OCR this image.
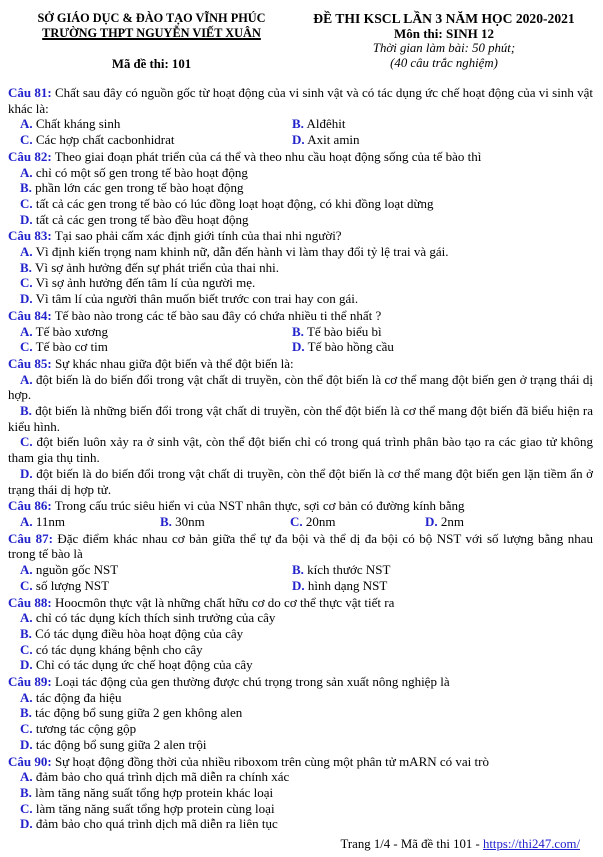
SỞ GIÁO DỤC & ĐÀO TẠO VĨNH PHÚC
TRƯỜNG THPT NGUYỄN VIẾT XUÂN
Mã đề thi: 101
ĐỀ THI KSCL LẦN 3 NĂM HỌC 2020-2021
Môn thi: SINH 12
Thời gian làm bài: 50 phút;
(40 câu trắc nghiệm)

Câu 81: Chất sau đây có nguồn gốc từ hoạt động của vi sinh vật và có tác dụng ức chế hoạt động của vi sinh vật khác là:

A. Chất kháng sinh	B. Alđêhit

C. Các hợp chất cacbonhidrat	D. Axit amin

Câu 82: Theo giai đoạn phát triển của cá thể và theo nhu cầu hoạt động sống của tế bào thì

A. chỉ có một số gen trong tế bào hoạt động

B. phần lớn các gen trong tế bào hoạt động

C. tất cả các gen trong tế bào có lúc đồng loạt hoạt động, có khi đồng loạt dừng

D. tất cả các gen trong tế bào đều hoạt động

Câu 83: Tại sao phải cấm xác định giới tính của thai nhi người?

A. Vì định kiến trọng nam khinh nữ, dẫn đến hành vi làm thay đổi tỷ lệ trai và gái.

B. Vì sợ ảnh hưởng đến sự phát triển của thai nhi.

C. Vì sợ ảnh hưởng đến tâm lí của người mẹ.

D. Vì tâm lí của người thân muốn biết trước con trai hay con gái.

Câu 84: Tế bào nào trong các tế bào sau đây có chứa nhiều ti thể nhất ?

A. Tế bào xương	B. Tế bào biểu bì

C. Tế bào cơ tim	D. Tế bào hồng cầu

Câu 85: Sự khác nhau giữa đột biến và thể đột biến là:

A. đột biến là do biến đổi trong vật chất di truyền, còn thể đột biến là cơ thể mang đột biến gen ở trạng thái dị hợp.

B. đột biến là những biến đổi trong vật chất di truyền, còn thể đột biến là cơ thể mang đột biến đã biểu hiện ra kiểu hình.

C. đột biến luôn xảy ra ở sinh vật, còn thể đột biến chỉ có trong quá trình phân bào tạo ra các giao tử không tham gia thụ tinh.

D. đột biến là do biến đổi trong vật chất di truyền, còn thể đột biến là cơ thể mang đột biến gen lặn tiềm ẩn ở trạng thái dị hợp tử.

Câu 86: Trong cấu trúc siêu hiển vi của NST nhân thực, sợi cơ bản có đường kính bằng

A. 11nm	B. 30nm	C. 20nm	D. 2nm

Câu 87: Đặc điểm khác nhau cơ bản giữa thể tự đa bội và thể dị đa bội có bộ NST với số lượng bằng nhau trong tế bào là

A. nguồn gốc NST	B. kích thước NST

C. số lượng NST	D. hình dạng NST

Câu 88: Hoocmôn thực vật là những chất hữu cơ do cơ thể thực vật tiết ra

A. chỉ có tác dụng kích thích sinh trưởng của cây

B. Có tác dụng điều hòa hoạt động của cây

C. có tác dụng kháng bệnh cho cây

D. Chỉ có tác dụng ức chế hoạt động của cây

Câu 89: Loại tác động của gen thường được chú trọng trong sản xuất nông nghiệp là

A. tác động đa hiệu

B. tác động bổ sung giữa 2 gen không alen

C. tương tác cộng gộp

D. tác động bổ sung giữa 2 alen trội

Câu 90: Sự hoạt động đồng thời của nhiều riboxom trên cùng một phân tử mARN có vai trò

A. đảm bảo cho quá trình dịch mã diễn ra chính xác

B. làm tăng năng suất tổng hợp protein khác loại

C. làm tăng năng suất tổng hợp protein cùng loại

D. đảm bảo cho quá trình dịch mã diễn ra liên tục

Trang 1/4 - Mã đề thi 101 - https://thi247.com/
